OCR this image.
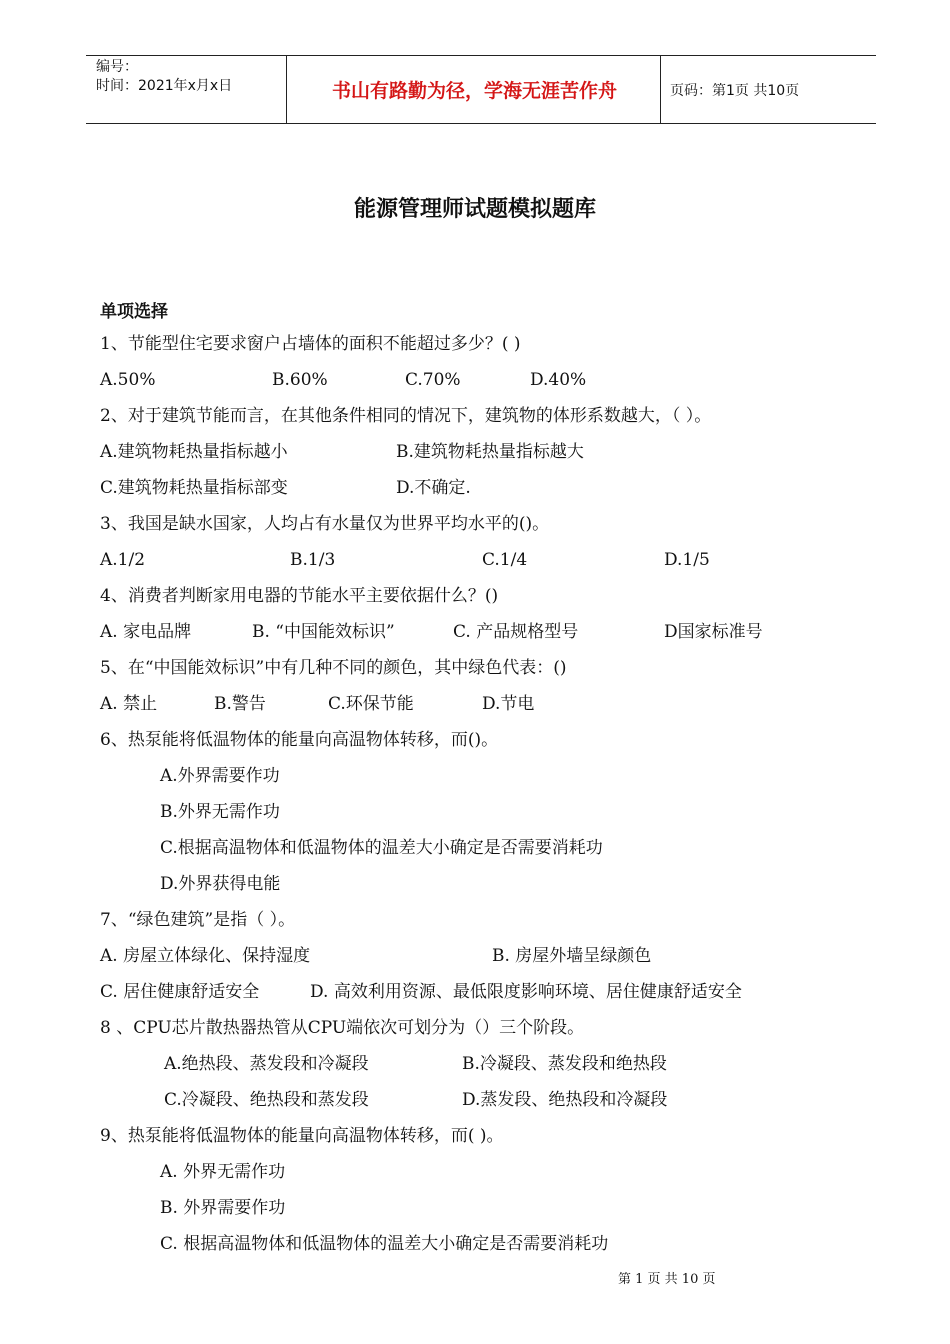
编号：
时间：2021年x月x日	书山有路勤为径，学海无涯苦作舟	页码：第1页 共10页
能源管理师试题模拟题库
单项选择
1、节能型住宅要求窗户占墙体的面积不能超过多少？( )
A.50%	B.60%	C.70%	D.40%
2、对于建筑节能而言，在其他条件相同的情况下，建筑物的体形系数越大，（ ）。
A.建筑物耗热量指标越小	B.建筑物耗热量指标越大
C.建筑物耗热量指标部变	D.不确定.
3、我国是缺水国家，人均占有水量仅为世界平均水平的()。
A.1/2	B.1/3	C.1/4	D.1/5
4、消费者判断家用电器的节能水平主要依据什么？()
A. 家电品牌	B. “中国能效标识”	C. 产品规格型号	D国家标准号
5、在“中国能效标识”中有几种不同的颜色，其中绿色代表：()
A. 禁止	B.警告	C.环保节能	D.节电
6、热泵能将低温物体的能量向高温物体转移，而()。
A.外界需要作功
B.外界无需作功
C.根据高温物体和低温物体的温差大小确定是否需要消耗功
D.外界获得电能
7、“绿色建筑”是指（ ）。
A. 房屋立体绿化、保持湿度	B. 房屋外墙呈绿颜色
C. 居住健康舒适安全	D. 高效利用资源、最低限度影响环境、居住健康舒适安全
8 、CPU芯片散热器热管从CPU端依次可划分为（）三个阶段。
A.绝热段、蒸发段和冷凝段	B.冷凝段、蒸发段和绝热段
C.冷凝段、绝热段和蒸发段	D.蒸发段、绝热段和冷凝段
9、热泵能将低温物体的能量向高温物体转移，而( )。
A. 外界无需作功
B. 外界需要作功
C. 根据高温物体和低温物体的温差大小确定是否需要消耗功
第 1 页 共 10 页
